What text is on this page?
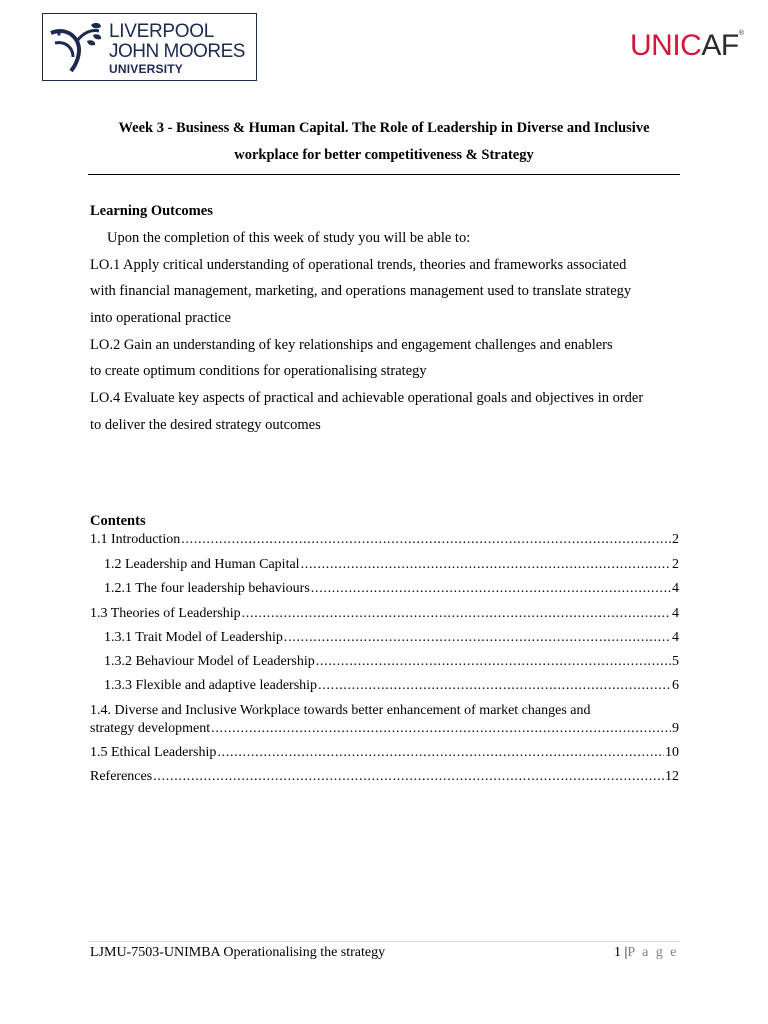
LIVERPOOL
JOHN MOORES
UNIVERSITY
UNICAF®
Week 3 - Business & Human Capital. The Role of Leadership in Diverse and Inclusive
workplace for better competitiveness & Strategy
Learning Outcomes
Upon the completion of this week of study you will be able to:
LO.1 Apply critical understanding of operational trends, theories and frameworks associated
with financial management, marketing, and operations management used to translate strategy
into operational practice
LO.2 Gain an understanding of key relationships and engagement challenges and enablers
to create optimum conditions for operationalising strategy
LO.4 Evaluate key aspects of practical and achievable operational goals and objectives in order
to deliver the desired strategy outcomes
Contents
1.1 Introduction . . .	2
1.2 Leadership and Human Capital . . .	2
1.2.1 The four leadership behaviours . . .	4
1.3 Theories of Leadership . . .	4
1.3.1 Trait Model of Leadership . . .	4
1.3.2 Behaviour Model of Leadership . . .	5
1.3.3 Flexible and adaptive leadership . . .	6
1.4. Diverse and Inclusive Workplace towards better enhancement of market changes and
strategy development . . .	9
1.5 Ethical Leadership . . .	10
References . . .	12
LJMU-7503-UNIMBA Operationalising the strategy	1 |P a g e
